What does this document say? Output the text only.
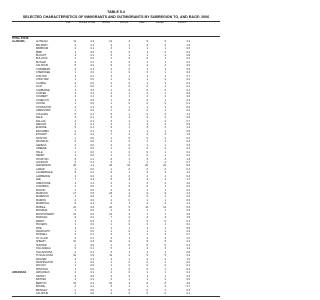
TABLE 5.4
SELECTED CHARACTERISTICS OF INMIGRANTS AND OUTMIGRANTS BY SUBREGION TO, AND RACE: 2006
Total	Percent of total	Number	Percent	Male	Female	Percent
TOTAL STATE
ALABAMA	AUTAUGA	11	0.3	12	3	5	6	3.1
BALDWIN	4	0.1	4	1	2	2	1.0
BARBOUR	2	0.1	3	1	1	1	0.6
BIBB	1	0.0	2	0	1	0	0.2
BLOUNT	3	0.1	3	1	1	2	0.8
BULLOCK	1	0.0	1	0	0	1	0.2
BUTLER	2	0.1	2	0	1	1	0.4
CALHOUN	8	0.2	9	2	4	4	2.0
CHAMBERS	2	0.1	2	0	1	1	0.5
CHEROKEE	1	0.0	1	0	0	1	0.3
CHILTON	3	0.1	3	1	1	2	0.7
CHOCTAW	1	0.0	1	0	1	0	0.2
CLARKE	2	0.0	2	0	1	1	0.4
CLAY	1	0.0	1	0	0	1	0.1
CLEBURNE	1	0.0	1	0	0	0	0.1
COFFEE	3	0.1	4	1	2	1	0.9
COLBERT	4	0.1	4	1	2	2	1.0
CONECUH	1	0.0	1	0	0	1	0.2
COOSA	1	0.0	1	0	0	0	0.1
COVINGTON	3	0.1	3	1	1	1	0.6
CRENSHAW	1	0.0	1	0	0	1	0.2
CULLMAN	5	0.1	5	1	2	3	1.2
DALE	4	0.1	4	1	2	2	0.9
DALLAS	3	0.1	3	1	1	2	0.7
DEKALB	4	0.1	4	1	2	2	0.9
ELMORE	5	0.1	6	1	3	3	1.3
ESCAMBIA	2	0.1	3	1	1	1	0.5
ETOWAH	6	0.2	7	2	3	3	1.5
FAYETTE	1	0.0	1	0	0	1	0.2
FRANKLIN	2	0.0	2	0	1	1	0.4
GENEVA	2	0.0	2	0	1	1	0.3
GREENE	1	0.0	1	0	0	0	0.1
HALE	1	0.0	1	0	0	1	0.2
HENRY	1	0.0	1	0	0	1	0.2
HOUSTON	5	0.1	6	1	3	3	1.3
JACKSON	3	0.1	3	1	1	2	0.7
JEFFERSON	40	1.1	43	10	20	22	9.6
LAMAR	1	0.0	1	0	0	0	0.1
LAUDERDALE	5	0.1	5	1	2	3	1.2
LAWRENCE	2	0.0	2	0	1	1	0.4
LEE	7	0.2	8	2	4	4	1.7
LIMESTONE	4	0.1	4	1	2	2	1.0
LOWNDES	1	0.0	1	0	0	1	0.2
MACON	1	0.0	2	0	1	1	0.3
MADISON	17	0.5	18	4	9	9	4.1
MARENGO	1	0.0	1	0	0	1	0.3
MARION	2	0.0	2	0	1	1	0.3
MARSHALL	5	0.1	5	1	2	3	1.1
MOBILE	22	0.6	24	5	11	12	5.3
MONROE	1	0.0	1	0	1	1	0.3
MONTGOMERY	13	0.4	14	3	7	7	3.2
MORGAN	6	0.2	7	2	3	3	1.5
PERRY	1	0.0	1	0	0	0	0.1
PICKENS	1	0.0	1	0	0	1	0.2
PIKE	2	0.1	2	1	1	1	0.5
RANDOLPH	1	0.0	1	0	1	1	0.3
RUSSELL	3	0.1	3	1	1	2	0.7
ST. CLAIR	4	0.1	4	1	2	2	1.0
SHELBY	10	0.3	11	2	5	5	2.4
SUMTER	1	0.0	1	0	0	0	0.1
TALLADEGA	5	0.1	5	1	2	3	1.2
TALLAPOOSA	2	0.1	3	1	1	1	0.6
TUSCALOOSA	10	0.3	11	2	5	5	2.4
WALKER	4	0.1	4	1	2	2	1.0
WASHINGTON	1	0.0	1	0	0	1	0.2
WILCOX	1	0.0	1	0	0	0	0.1
WINSTON	1	0.0	1	0	0	1	0.2
ARKANSAS	ARKANSAS	2	0.1	2	0	1	1	0.4
ASHLEY	2	0.0	2	0	1	1	0.3
BAXTER	3	0.1	3	1	1	2	0.6
BENTON	15	0.4	16	4	8	8	3.6
BOONE	3	0.1	3	1	1	2	0.7
BRADLEY	1	0.0	1	0	0	1	0.2
CALHOUN	1	0.0	1	0	0	0	0.1
